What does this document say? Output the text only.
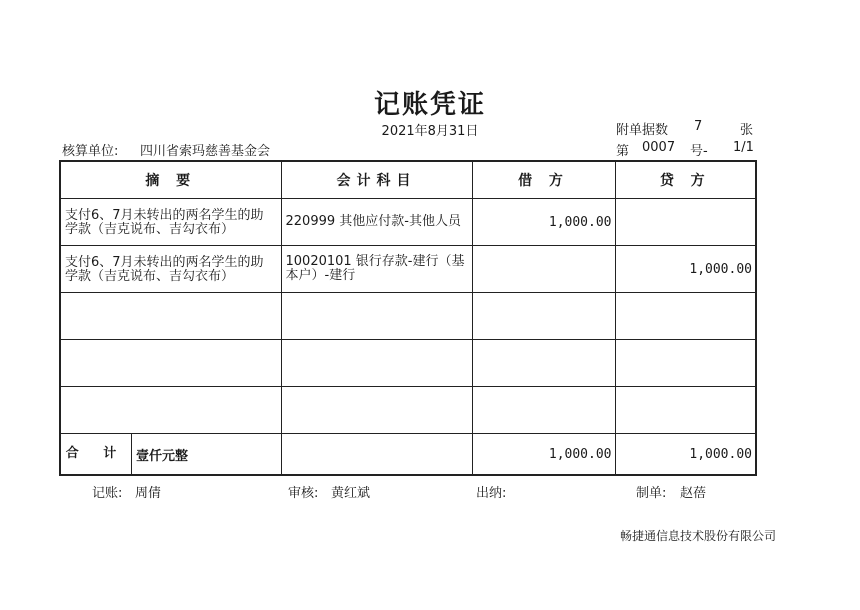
记账凭证
2021年8月31日	附单据数 7	张
核算单位: 四川省索玛慈善基金会	第 0007 号- 1/1
摘 要	会计科目	借 方	贷 方
支付6、7月未转出的两名学生的助学款（吉克说布、吉勾衣布）	220999 其他应付款-其他人员	1,000.00	
支付6、7月未转出的两名学生的助学款（吉克说布、吉勾衣布）	10020101 银行存款-建行（基本户）-建行		1,000.00

合 计 壹仟元整		1,000.00	1,000.00
记账: 周倩	审核: 黄红斌	出纳:	制单: 赵蓓
畅捷通信息技术股份有限公司
